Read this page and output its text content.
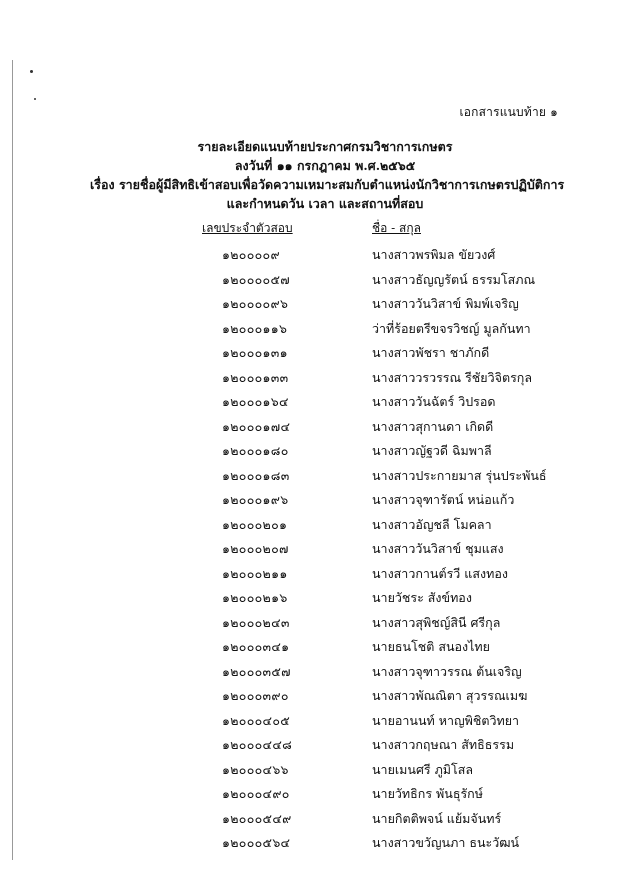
เอกสารแนบท้าย ๑
รายละเอียดแนบท้ายประกาศกรมวิชาการเกษตร
ลงวันที่ ๑๑ กรกฎาคม พ.ศ.๒๕๖๕
เรื่อง รายชื่อผู้มีสิทธิเข้าสอบเพื่อวัดความเหมาะสมกับตำแหน่งนักวิชาการเกษตรปฏิบัติการ
และกำหนดวัน เวลา และสถานที่สอบ
เลขประจำตัวสอบ	ชื่อ - สกุล
๑๒๐๐๐๐๙	นางสาวพรพิมล ขัยวงศ์
๑๒๐๐๐๐๕๗	นางสาวธัญญรัตน์ ธรรมโสภณ
๑๒๐๐๐๐๙๖	นางสาววันวิสาข์ พิมพ์เจริญ
๑๒๐๐๐๑๑๖	ว่าที่ร้อยตรีขจรวิชญ์ มูลกันทา
๑๒๐๐๐๑๓๑	นางสาวพัชรา ชาภักดี
๑๒๐๐๐๑๓๓	นางสาววรวรรณ รีชัยวิจิตรกุล
๑๒๐๐๐๑๖๔	นางสาววันฉัตร์ วิปรอด
๑๒๐๐๐๑๗๔	นางสาวสุกานดา เกิดดี
๑๒๐๐๐๑๘๐	นางสาวญัฐวดี ฉิมพาลี
๑๒๐๐๐๑๘๓	นางสาวประกายมาส รุ่นประพันธ์
๑๒๐๐๐๑๙๖	นางสาวจุฑารัตน์ หน่อแก้ว
๑๒๐๐๐๒๐๑	นางสาวอัญชลี โมคลา
๑๒๐๐๐๒๐๗	นางสาววันวิสาข์ ชุมแสง
๑๒๐๐๐๒๑๑	นางสาวกานต์รวี แสงทอง
๑๒๐๐๐๒๑๖	นายวัชระ สังข์ทอง
๑๒๐๐๐๒๔๓	นางสาวสุพิชญ์สินี ศรีกุล
๑๒๐๐๐๓๔๑	นายธนโชติ สนองไทย
๑๒๐๐๐๓๕๗	นางสาวจุฑาวรรณ ต้นเจริญ
๑๒๐๐๐๓๙๐	นางสาวพัณณิตา สุวรรณเมฆ
๑๒๐๐๐๔๐๕	นายอานนท์ หาญพิชิตวิทยา
๑๒๐๐๐๔๔๘	นางสาวกฤษณา สัทธิธรรม
๑๒๐๐๐๔๖๖	นายเมนศรี ภูมิโสล
๑๒๐๐๐๔๙๐	นายวัทธิกร พันธุรักษ์
๑๒๐๐๐๕๔๙	นายกิตติพจน์ แย้มจันทร์
๑๒๐๐๐๕๖๔	นางสาวขวัญนภา ธนะวัฒน์
